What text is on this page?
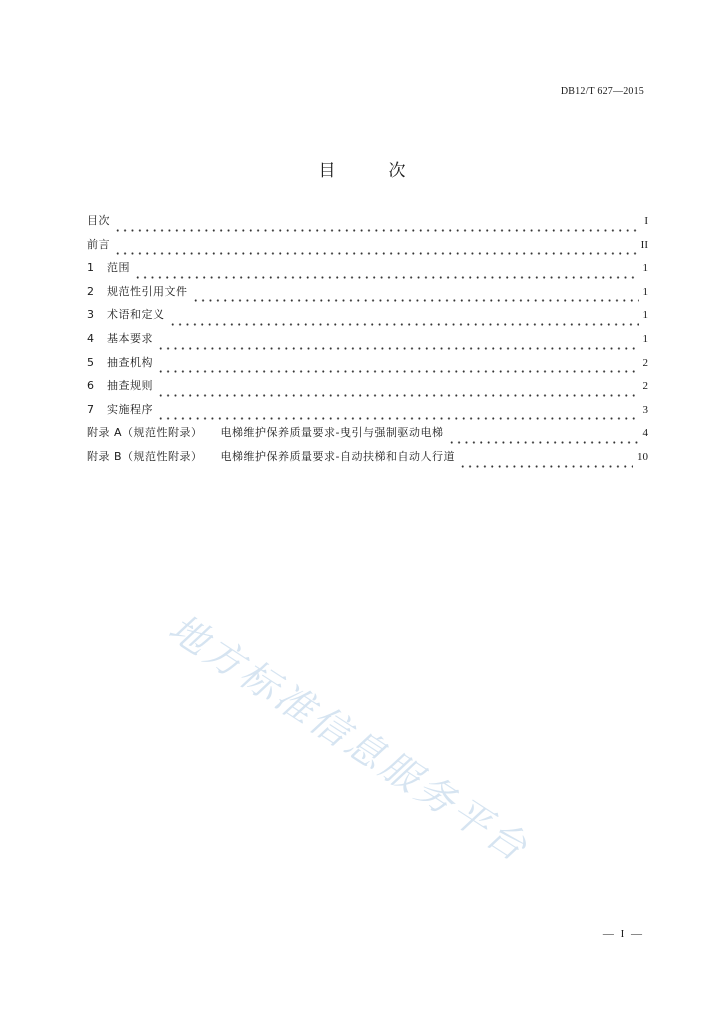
DB12/T 627—2015
目　次
目次	I
前言	II
1	范围	1
2	规范性引用文件	1
3	术语和定义	1
4	基本要求	1
5	抽查机构	2
6	抽查规则	2
7	实施程序	3
附录 A（规范性附录） 电梯维护保养质量要求-曳引与强制驱动电梯	4
附录 B（规范性附录） 电梯维护保养质量要求-自动扶梯和自动人行道	10
地方标准信息服务平台
— I —
